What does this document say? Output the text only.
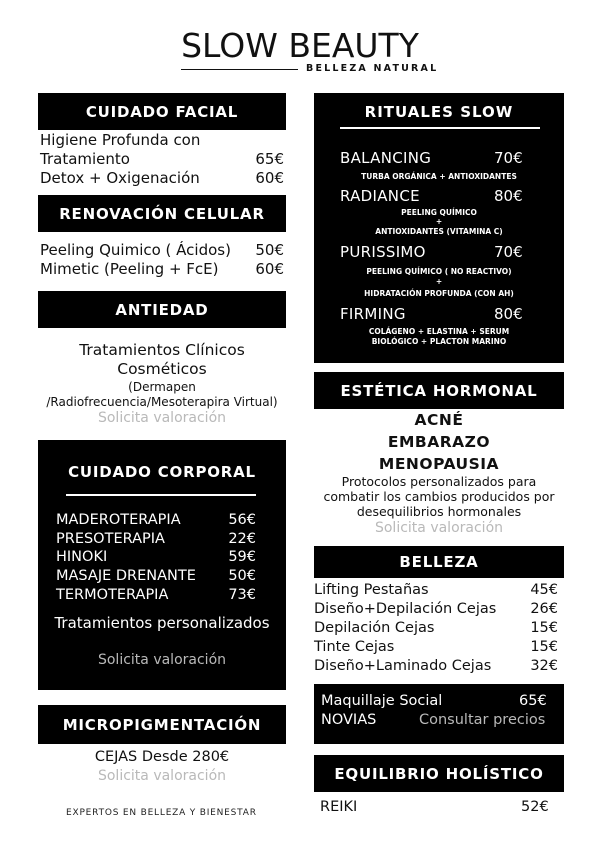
SLOW BEAUTY
BELLEZA NATURAL
CUIDADO FACIAL
Higiene Profunda con
Tratamiento	65€
Detox + Oxigenación	60€
RENOVACIÓN CELULAR
Peeling Quimico ( Ácidos) 50€
Mimetic (Peeling + FcE) 60€
ANTIEDAD
Tratamientos Clínicos
Cosméticos
(Dermapen
/Radiofrecuencia/Mesoterapira Virtual)
Solicita valoración
CUIDADO CORPORAL
MADEROTERAPIA	56€
PRESOTERAPIA	22€
HINOKI	59€
MASAJE DRENANTE 50€
TERMOTERAPIA	73€
Tratamientos personalizados
Solicita valoración
MICROPIGMENTACIÓN
CEJAS Desde 280€
Solicita valoración
EXPERTOS EN BELLEZA Y BIENESTAR
RITUALES SLOW
BALANCING	70€
TURBA ORGÁNICA + ANTIOXIDANTES
RADIANCE	80€
PEELING QUÍMICO
+
ANTIOXIDANTES (VITAMINA C)
PURISSIMO	70€
PEELING QUÍMICO ( NO REACTIVO)
+
HIDRATACIÓN PROFUNDA (CON AH)
FIRMING	80€
COLÁGENO + ELASTINA + SERUM
BIOLÓGICO + PLACTON MARINO
ESTÉTICA HORMONAL
ACNÉ
EMBARAZO
MENOPAUSIA
Protocolos personalizados para
combatir los cambios producidos por
desequilibrios hormonales
Solicita valoración
BELLEZA
Lifting Pestañas	45€
Diseño+Depilación Cejas 26€
Depilación Cejas	15€
Tinte Cejas	15€
Diseño+Laminado Cejas	32€
Maquillaje Social	65€
NOVIAS	Consultar precios
EQUILIBRIO HOLÍSTICO
REIKI	52€
